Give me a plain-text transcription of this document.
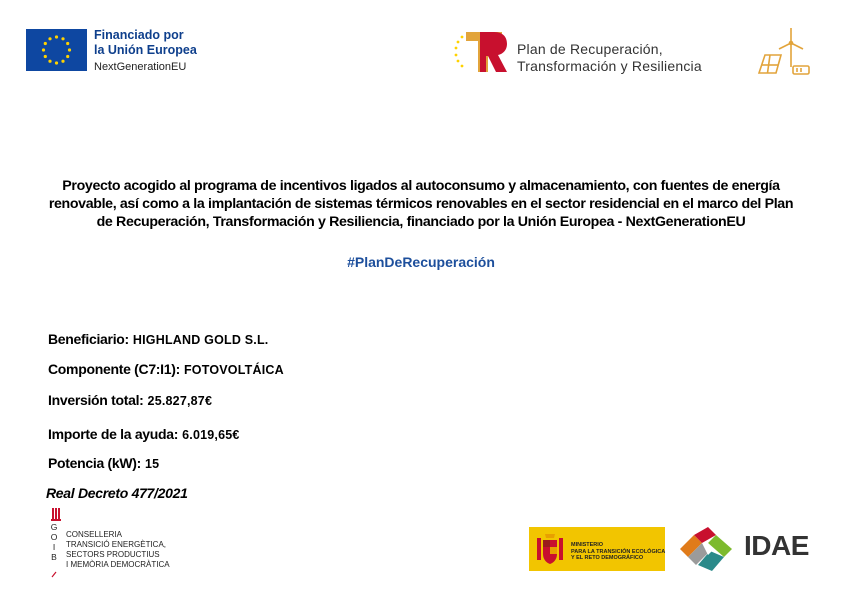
Financiado por
la Unión Europea
NextGenerationEU
Plan de Recuperación,
Transformación y Resiliencia
Proyecto acogido al programa de incentivos ligados al autoconsumo y almacenamiento, con fuentes de energía renovable, así como a la implantación de sistemas térmicos renovables en el sector residencial en el marco del Plan de Recuperación, Transformación y Resiliencia, financiado por la Unión Europea - NextGenerationEU
#PlanDeRecuperación
Beneficiario: HIGHLAND GOLD S.L.
Componente (C7:I1): FOTOVOLTÁICA
Inversión total: 25.827,87€
Importe de la ayuda: 6.019,65€
Potencia (kW): 15
Real Decreto 477/2021
G
O
I
B
CONSELLERIA
TRANSICIÓ ENERGÈTICA,
SECTORS PRODUCTIUS
I MEMÒRIA DEMOCRÀTICA
MINISTERIO
PARA LA TRANSICIÓN ECOLÓGICA
Y EL RETO DEMOGRÁFICO	IDAE
